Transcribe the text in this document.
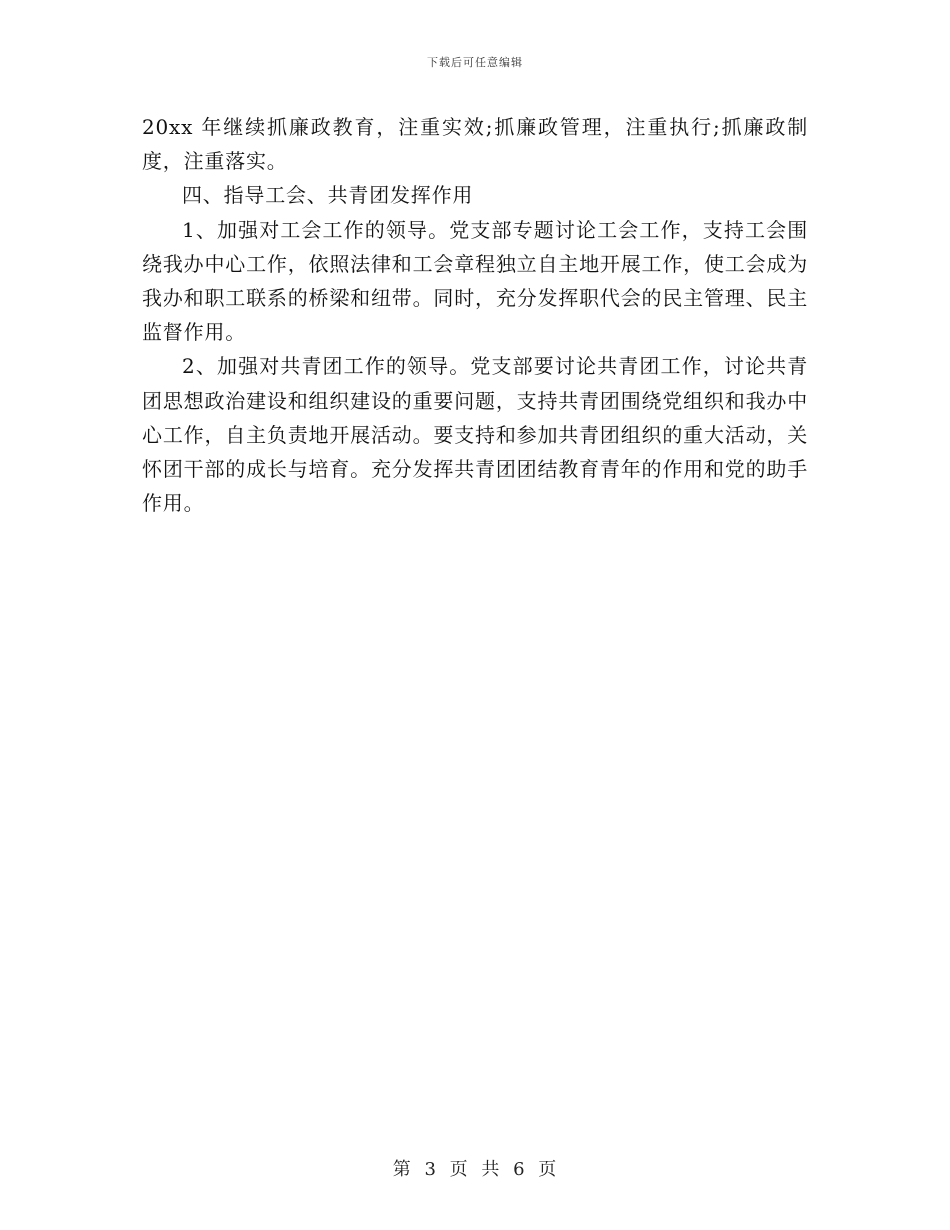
下载后可任意编辑

20xx 年继续抓廉政教育，注重实效;抓廉政管理，注重执行;抓廉政制度，注重落实。

四、指导工会、共青团发挥作用

1、加强对工会工作的领导。党支部专题讨论工会工作，支持工会围绕我办中心工作，依照法律和工会章程独立自主地开展工作，使工会成为我办和职工联系的桥梁和纽带。同时，充分发挥职代会的民主管理、民主监督作用。

2、加强对共青团工作的领导。党支部要讨论共青团工作，讨论共青团思想政治建设和组织建设的重要问题，支持共青团围绕党组织和我办中心工作，自主负责地开展活动。要支持和参加共青团组织的重大活动，关怀团干部的成长与培育。充分发挥共青团团结教育青年的作用和党的助手作用。

第 3 页 共 6 页
